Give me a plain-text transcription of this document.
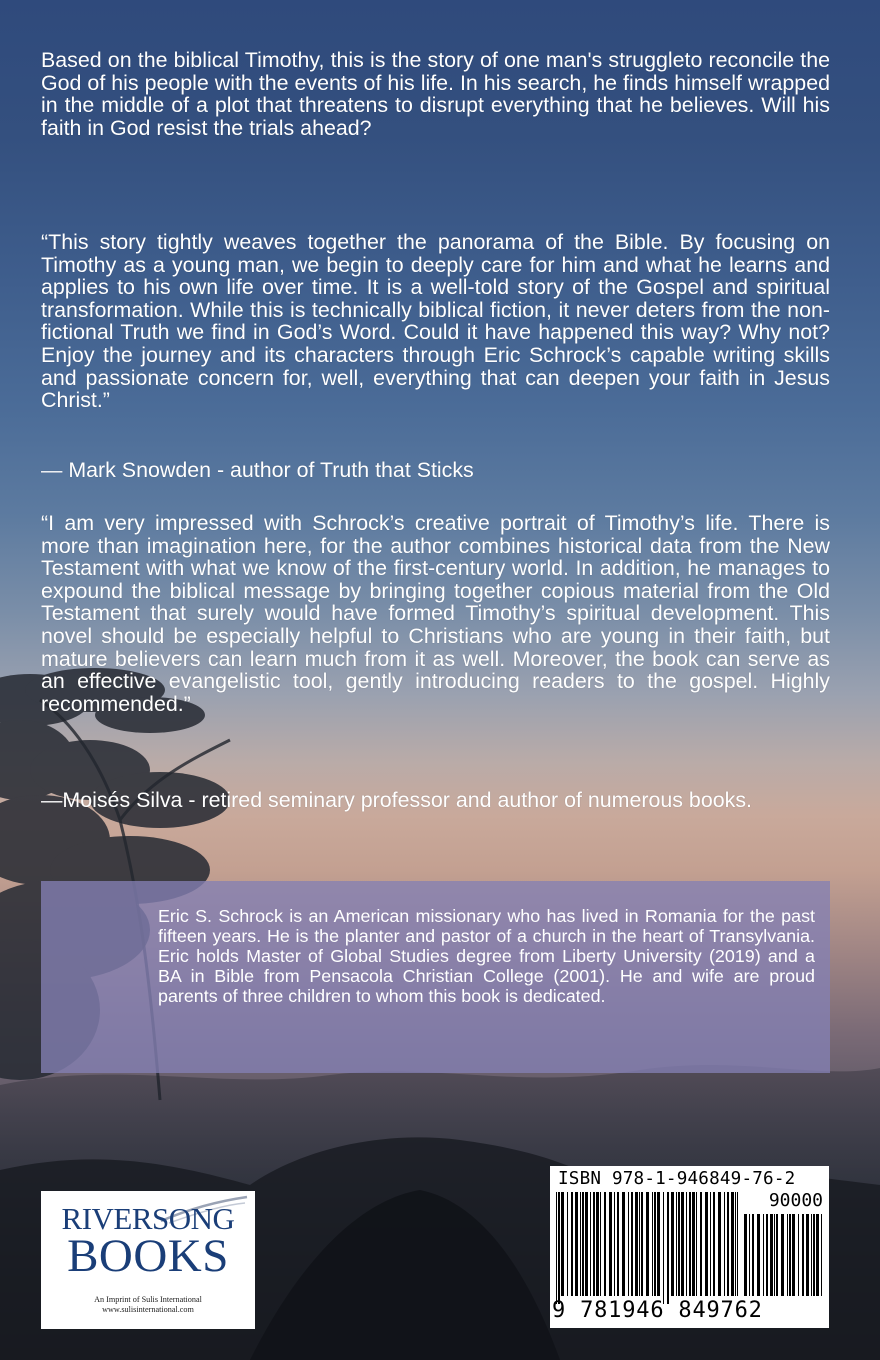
Based on the biblical Timothy, this is the story of one man's struggleto reconcile the God of his people with the events of his life. In his search, he finds himself wrapped in the middle of a plot that threatens to disrupt everything that he believes. Will his faith in God resist the trials ahead?

“This story tightly weaves together the panorama of the Bible. By focusing on Timothy as a young man, we begin to deeply care for him and what he learns and applies to his own life over time. It is a well-told story of the Gospel and spiritual transformation. While this is technically biblical fiction, it never deters from the non-fictional Truth we find in God’s Word. Could it have happened this way? Why not? Enjoy the journey and its characters through Eric Schrock’s capable writing skills and passionate concern for, well, everything that can deepen your faith in Jesus Christ.”

— Mark Snowden - author of Truth that Sticks

“I am very impressed with Schrock’s creative portrait of Timothy’s life. There is more than imagination here, for the author combines historical data from the New Testament with what we know of the first-century world. In addition, he manages to expound the biblical message by bringing together copious material from the Old Testament that surely would have formed Timothy’s spiritual development. This novel should be especially helpful to Christians who are young in their faith, but mature believers can learn much from it as well. Moreover, the book can serve as an effective evangelistic tool, gently introducing readers to the gospel. Highly recommended.”

—Moisés Silva - retired seminary professor and author of numerous books.

Eric S. Schrock is an American missionary who has lived in Romania for the past fifteen years. He is the planter and pastor of a church in the heart of Transylvania. Eric holds Master of Global Studies degree from Liberty University (2019) and a BA in Bible from Pensacola Christian College (2001). He and wife are proud parents of three children to whom this book is dedicated.

RIVERSONG
BOOKS
An Imprint of Sulis International
www.sulisinternational.com
ISBN 978-1-946849-76-2
90000
9 781946 849762
